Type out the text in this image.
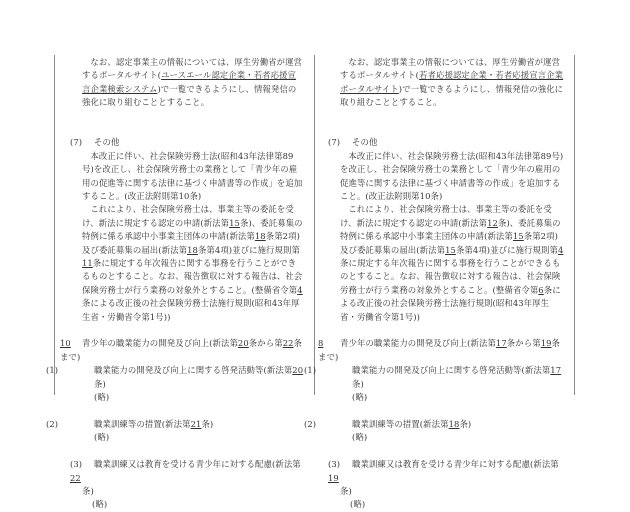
なお、認定事業主の情報については、厚生労働省が運営するポータルサイト(ユースエール認定企業・若者応援宣言企業検索システム)で一覧できるようにし、情報発信の強化に取り組むこととすること。

(7) その他

本改正に伴い、社会保険労務士法(昭和43年法律第89号)を改正し、社会保険労務士の業務として「青少年の雇用の促進等に関する法律に基づく申請書等の作成」を追加すること。(改正法附則第10条)

これにより、社会保険労務士は、事業主等の委託を受け、新法に規定する認定の申請(新法第15条)、委託募集の特例に係る承認中小事業主団体の申請(新法第18条第2項)及び委託募集の届出(新法第18条第4項)並びに施行規則第11条に規定する年次報告に関する事務を行うことができるものとすること。なお、報告徴収に対する報告は、社会保険労務士が行う業務の対象外とすること。(整備省令第4条による改正後の社会保険労務士法施行規則(昭和43年厚生省・労働省令第1号))

10 青少年の職業能力の開発及び向上(新法第20条から第22条まで)
(1)	職業能力の開発及び向上に関する啓発活動等(新法第20条)
(略)
(2)	職業訓練等の措置(新法第21条)
(略)
(3) 職業訓練又は教育を受ける青少年に対する配慮(新法第22
条)
(略)

なお、認定事業主の情報については、厚生労働省が運営するポータルサイト(若者応援認定企業・若者応援宣言企業ポータルサイト)で一覧できるようにし、情報発信の強化に取り組むこととすること。

(7) その他

本改正に伴い、社会保険労務士法(昭和43年法律第89号)を改正し、社会保険労務士の業務として「青少年の雇用の促進等に関する法律に基づく申請書等の作成」を追加すること。(改正法附則第10条)

これにより、社会保険労務士は、事業主等の委託を受け、新法に規定する認定の申請(新法第12条)、委託募集の特例に係る承認中小事業主団体の申請(新法第15条第2項)及び委託募集の届出(新法第15条第4項)並びに施行規則第4条に規定する年次報告に関する事務を行うことができるものとすること。なお、報告徴収に対する報告は、社会保険労務士が行う業務の対象外とすること。(整備省令第6条による改正後の社会保険労務士法施行規則(昭和43年厚生省・労働省令第1号))

8 青少年の職業能力の開発及び向上(新法第17条から第19条まで)
(1)	職業能力の開発及び向上に関する啓発活動等(新法第17条)
(略)
(2)	職業訓練等の措置(新法第18条)
(略)
(3) 職業訓練又は教育を受ける青少年に対する配慮(新法第19
条)
(略)
